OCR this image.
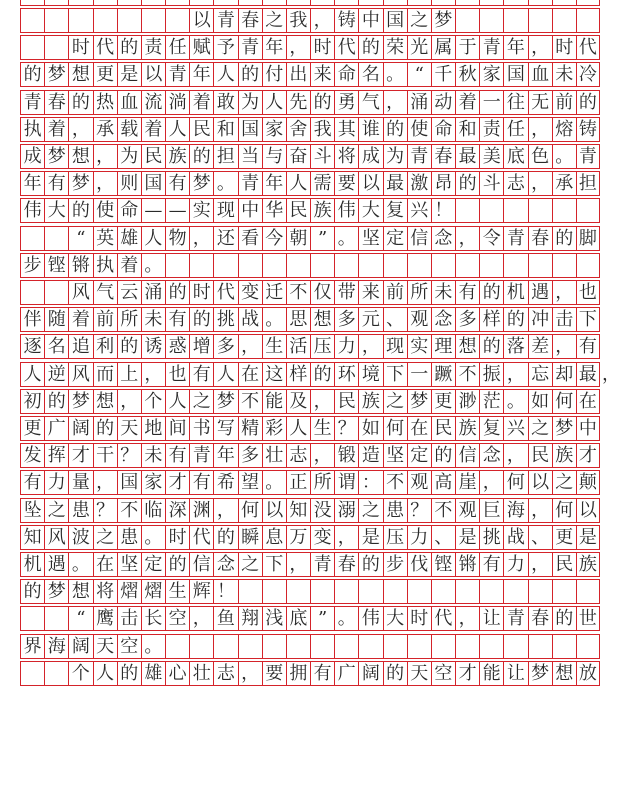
以 青 春 之 我 ， 铸 中 国 之 梦
时 代 的 责 任 赋 予 青 年 ， 时 代 的 荣 光 属 于 青 年 ， 时 代
的 梦 想 更 是 以 青 年 人 的 付 出 来 命 名 。 “ 千 秋 家 国 血 未 冷
青 春 的 热 血 流 淌 着 敢 为 人 先 的 勇 气 ， 涌 动 着 一 往 无 前 的
执 着 ， 承 载 着 人 民 和 国 家 舍 我 其 谁 的 使 命 和 责 任 ， 熔 铸
成 梦 想 ， 为 民 族 的 担 当 与 奋 斗 将 成 为 青 春 最 美 底 色 。 青
年 有 梦 ， 则 国 有 梦 。 青 年 人 需 要 以 最 激 昂 的 斗 志 ， 承 担
伟 大 的 使 命 — — 实 现 中 华 民 族 伟 大 复 兴 ！
“ 英 雄 人 物 ， 还 看 今 朝 ” 。 坚 定 信 念 ， 令 青 春 的 脚
步 铿 锵 执 着 。
风 气 云 涌 的 时 代 变 迁 不 仅 带 来 前 所 未 有 的 机 遇 ， 也
伴 随 着 前 所 未 有 的 挑 战 。 思 想 多 元 、 观 念 多 样 的 冲 击 下
逐 名 追 利 的 诱 惑 增 多 ， 生 活 压 力 ， 现 实 理 想 的 落 差 ， 有
人 逆 风 而 上 ， 也 有 人 在 这 样 的 环 境 下 一 蹶 不 振 ， 忘 却 最
初 的 梦 想 ， 个 人 之 梦 不 能 及 ， 民 族 之 梦 更 渺 茫 。 如 何 在
更 广 阔 的 天 地 间 书 写 精 彩 人 生 ？ 如 何 在 民 族 复 兴 之 梦 中
发 挥 才 干 ？ 未 有 青 年 多 壮 志 ， 锻 造 坚 定 的 信 念 ， 民 族 才
有 力 量 ， 国 家 才 有 希 望 。 正 所 谓 ： 不 观 高 崖 ， 何 以 之 颠
坠 之 患 ？ 不 临 深 渊 ， 何 以 知 没 溺 之 患 ？ 不 观 巨 海 ， 何 以
知 风 波 之 患 。 时 代 的 瞬 息 万 变 ， 是 压 力 、 是 挑 战 、 更 是
机 遇 。 在 坚 定 的 信 念 之 下 ， 青 春 的 步 伐 铿 锵 有 力 ， 民 族
的 梦 想 将 熠 熠 生 辉 ！
“ 鹰 击 长 空 ， 鱼 翔 浅 底 ” 。 伟 大 时 代 ， 让 青 春 的 世
界 海 阔 天 空 。
个 人 的 雄 心 壮 志 ， 要 拥 有 广 阔 的 天 空 才 能 让 梦 想 放
，
